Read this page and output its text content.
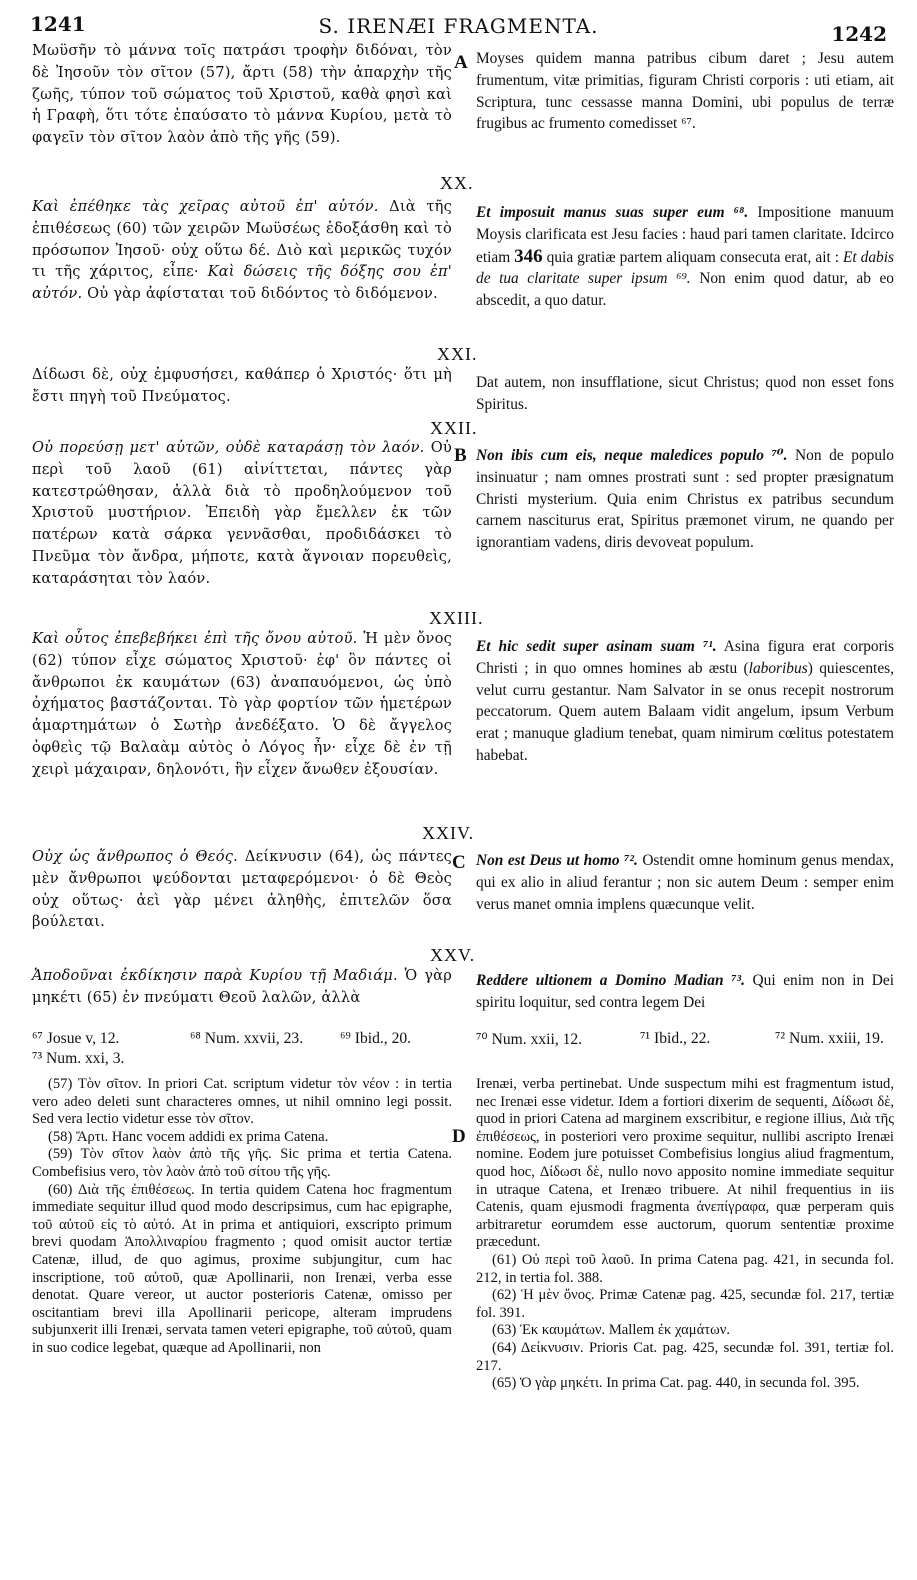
1241	S. IRENÆI FRAGMENTA.	1242
A
B
C
D

Μωϋσῆν τὸ μάννα τοῖς πατράσι τροφὴν διδόναι, τὸν δὲ Ἰησοῦν τὸν σῖτον (57), ἄρτι (58) τὴν ἀπαρχὴν τῆς ζωῆς, τύπον τοῦ σώματος τοῦ Χριστοῦ, καθὰ φησὶ καὶ ἡ Γραφὴ, ὅτι τότε ἐπαύσατο τὸ μάννα Κυρίου, μετὰ τὸ φαγεῖν τὸν σῖτον λαὸν ἀπὸ τῆς γῆς (59).

Moyses quidem manna patribus cibum daret ; Jesu autem frumentum, vitæ primitias, figuram Christi corporis : uti etiam, ait Scriptura, tunc cessasse manna Domini, ubi populus de terræ frugibus ac frumento comedisset ⁶⁷.

XX.

Καὶ ἐπέθηκε τὰς χεῖρας αὐτοῦ ἐπ' αὐτόν. Διὰ τῆς ἐπιθέσεως (60) τῶν χειρῶν Μωϋσέως ἐδοξάσθη καὶ τὸ πρόσωπον Ἰησοῦ· οὐχ οὕτω δέ. Διὸ καὶ μερικῶς τυχόν τι τῆς χάριτος, εἶπε· Καὶ δώσεις τῆς δόξης σου ἐπ' αὐτόν. Οὐ γὰρ ἀφίσταται τοῦ διδόντος τὸ διδόμενον.

Et imposuit manus suas super eum ⁶⁸. Impositione manuum Moysis clarificata est Jesu facies : haud pari tamen claritate. Idcirco etiam 346 quia gratiæ partem aliquam consecuta erat, ait : Et dabis de tua claritate super ipsum ⁶⁹. Non enim quod datur, ab eo abscedit, a quo datur.

XXI.

Δίδωσι δὲ, οὐχ ἐμφυσήσει, καθάπερ ὁ Χριστός· ὅτι μὴ ἔστι πηγὴ τοῦ Πνεύματος.

Dat autem, non insufflatione, sicut Christus; quod non esset fons Spiritus.

XXII.

Οὐ πορεύσῃ μετ' αὐτῶν, οὐδὲ καταράσῃ τὸν λαόν. Οὐ περὶ τοῦ λαοῦ (61) αἰνίττεται, πάντες γὰρ κατεστρώθησαν, ἀλλὰ διὰ τὸ προδηλούμενον τοῦ Χριστοῦ μυστήριον. Ἐπειδὴ γὰρ ἔμελλεν ἐκ τῶν πατέρων κατὰ σάρκα γεννᾶσθαι, προδιδάσκει τὸ Πνεῦμα τὸν ἄνδρα, μήποτε, κατὰ ἄγνοιαν πορευθεὶς, καταράσηται τὸν λαόν.

Non ibis cum eis, neque maledices populo ⁷⁰. Non de populo insinuatur ; nam omnes prostrati sunt : sed propter præsignatum Christi mysterium. Quia enim Christus ex patribus secundum carnem nasciturus erat, Spiritus præmonet virum, ne quando per ignorantiam vadens, diris devoveat populum.

XXIII.

Καὶ οὗτος ἐπεβεβήκει ἐπὶ τῆς ὄνου αὐτοῦ. Ἡ μὲν ὄνος (62) τύπον εἶχε σώματος Χριστοῦ· ἐφ' ὃν πάντες οἱ ἄνθρωποι ἐκ καυμάτων (63) ἀναπαυόμενοι, ὡς ὑπὸ ὀχήματος βαστάζονται. Τὸ γὰρ φορτίον τῶν ἡμετέρων ἁμαρτημάτων ὁ Σωτὴρ ἀνεδέξατο. Ὁ δὲ ἄγγελος ὀφθεὶς τῷ Βαλαὰμ αὐτὸς ὁ Λόγος ἦν· εἶχε δὲ ἐν τῇ χειρὶ μάχαιραν, δηλονότι, ἣν εἶχεν ἄνωθεν ἐξουσίαν.

Et hic sedit super asinam suam ⁷¹. Asina figura erat corporis Christi ; in quo omnes homines ab æstu (laboribus) quiescentes, velut curru gestantur. Nam Salvator in se onus recepit nostrorum peccatorum. Quem autem Balaam vidit angelum, ipsum Verbum erat ; manuque gladium tenebat, quam nimirum cœlitus potestatem habebat.

XXIV.

Οὐχ ὡς ἄνθρωπος ὁ Θεός. Δείκνυσιν (64), ὡς πάντες μὲν ἄνθρωποι ψεύδονται μεταφερόμενοι· ὁ δὲ Θεὸς οὐχ οὕτως· ἀεὶ γὰρ μένει ἀληθὴς, ἐπιτελῶν ὅσα βούλεται.

Non est Deus ut homo ⁷². Ostendit omne hominum genus mendax, qui ex alio in aliud ferantur ; non sic autem Deum : semper enim verus manet omnia implens quæcunque velit.

XXV.

Ἀποδοῦναι ἐκδίκησιν παρὰ Κυρίου τῇ Μαδιάμ. Ὁ γὰρ μηκέτι (65) ἐν πνεύματι Θεοῦ λαλῶν, ἀλλὰ

Reddere ultionem a Domino Madian ⁷³. Qui enim non in Dei spiritu loquitur, sed contra legem Dei

⁶⁷ Josue v, 12.	⁶⁸ Num. xxvii, 23. ⁶⁹ Ibid., 20.
⁷³ Num. xxi, 3.
⁷⁰ Num. xxii, 12.	⁷¹ Ibid., 22.	⁷² Num. xxiii, 19.

(57) Τὸν σῖτον. In priori Cat. scriptum videtur τὸν νέον : in tertia vero adeo deleti sunt characteres omnes, ut nihil omnino legi possit. Sed vera lectio videtur esse τὸν σῖτον.

(58) Ἄρτι. Hanc vocem addidi ex prima Catena.

(59) Τὸν σῖτον λαὸν ἀπὸ τῆς γῆς. Sic prima et tertia Catena. Combefisius vero, τὸν λαὸν ἀπὸ τοῦ σίτου τῆς γῆς.

(60) Διὰ τῆς ἐπιθέσεως. In tertia quidem Catena hoc fragmentum immediate sequitur illud quod modo descripsimus, cum hac epigraphe, τοῦ αὐτοῦ εἰς τὸ αὐτό. At in prima et antiquiori, exscripto primum brevi quodam Ἀπολλιναρίου fragmento ; quod omisit auctor tertiæ Catenæ, illud, de quo agimus, proxime subjungitur, cum hac inscriptione, τοῦ αὐτοῦ, quæ Apollinarii, non Irenæi, verba esse denotat. Quare vereor, ut auctor posterioris Catenæ, omisso per oscitantiam brevi illa Apollinarii pericope, alteram imprudens subjunxerit illi Irenæi, servata tamen veteri epigraphe, τοῦ αὐτοῦ, quam in suo codice legebat, quæque ad Apollinarii, non

Irenæi, verba pertinebat. Unde suspectum mihi est fragmentum istud, nec Irenæi esse videtur. Idem a fortiori dixerim de sequenti, Δίδωσι δὲ, quod in priori Catena ad marginem exscribitur, e regione illius, Διὰ τῆς ἐπιθέσεως, in posteriori vero proxime sequitur, nullibi ascripto Irenæi nomine. Eodem jure potuisset Combefisius longius aliud fragmentum, quod hoc, Δίδωσι δὲ, nullo novo apposito nomine immediate sequitur in utraque Catena, et Irenæo tribuere. At nihil frequentius in iis Catenis, quam ejusmodi fragmenta ἀνεπίγραφα, quæ perperam quis arbitraretur eorumdem esse auctorum, quorum sententiæ proxime præcedunt.

(61) Οὐ περὶ τοῦ λαοῦ. In prima Catena pag. 421, in secunda fol. 212, in tertia fol. 388.

(62) Ἡ μὲν ὄνος. Primæ Catenæ pag. 425, secundæ fol. 217, tertiæ fol. 391.

(63) Ἐκ καυμάτων. Mallem ἐκ χαμάτων.

(64) Δείκνυσιν. Prioris Cat. pag. 425, secundæ fol. 391, tertiæ fol. 217.

(65) Ὁ γὰρ μηκέτι. In prima Cat. pag. 440, in secunda fol. 395.
